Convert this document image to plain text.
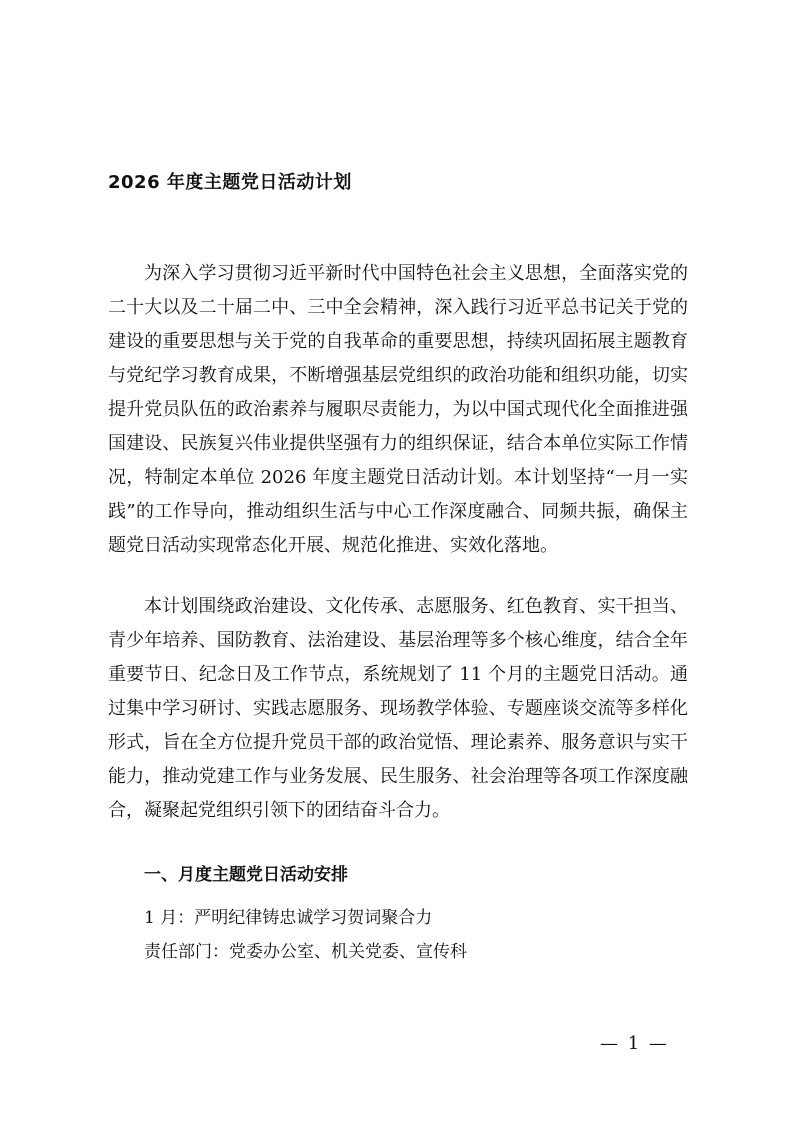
2026 年度主题党日活动计划

为深入学习贯彻习近平新时代中国特色社会主义思想，全面落实党的二十大以及二十届二中、三中全会精神，深入践行习近平总书记关于党的建设的重要思想与关于党的自我革命的重要思想，持续巩固拓展主题教育与党纪学习教育成果，不断增强基层党组织的政治功能和组织功能，切实提升党员队伍的政治素养与履职尽责能力，为以中国式现代化全面推进强国建设、民族复兴伟业提供坚强有力的组织保证，结合本单位实际工作情况，特制定本单位 2026 年度主题党日活动计划。本计划坚持“一月一实践”的工作导向，推动组织生活与中心工作深度融合、同频共振，确保主题党日活动实现常态化开展、规范化推进、实效化落地。

本计划围绕政治建设、文化传承、志愿服务、红色教育、实干担当、青少年培养、国防教育、法治建设、基层治理等多个核心维度，结合全年重要节日、纪念日及工作节点，系统规划了 11 个月的主题党日活动。通过集中学习研讨、实践志愿服务、现场教学体验、专题座谈交流等多样化形式，旨在全方位提升党员干部的政治觉悟、理论素养、服务意识与实干能力，推动党建工作与业务发展、民生服务、社会治理等各项工作深度融合，凝聚起党组织引领下的团结奋斗合力。

一、月度主题党日活动安排

1 月：严明纪律铸忠诚学习贺词聚合力

责任部门：党委办公室、机关党委、宣传科

— 1 —
